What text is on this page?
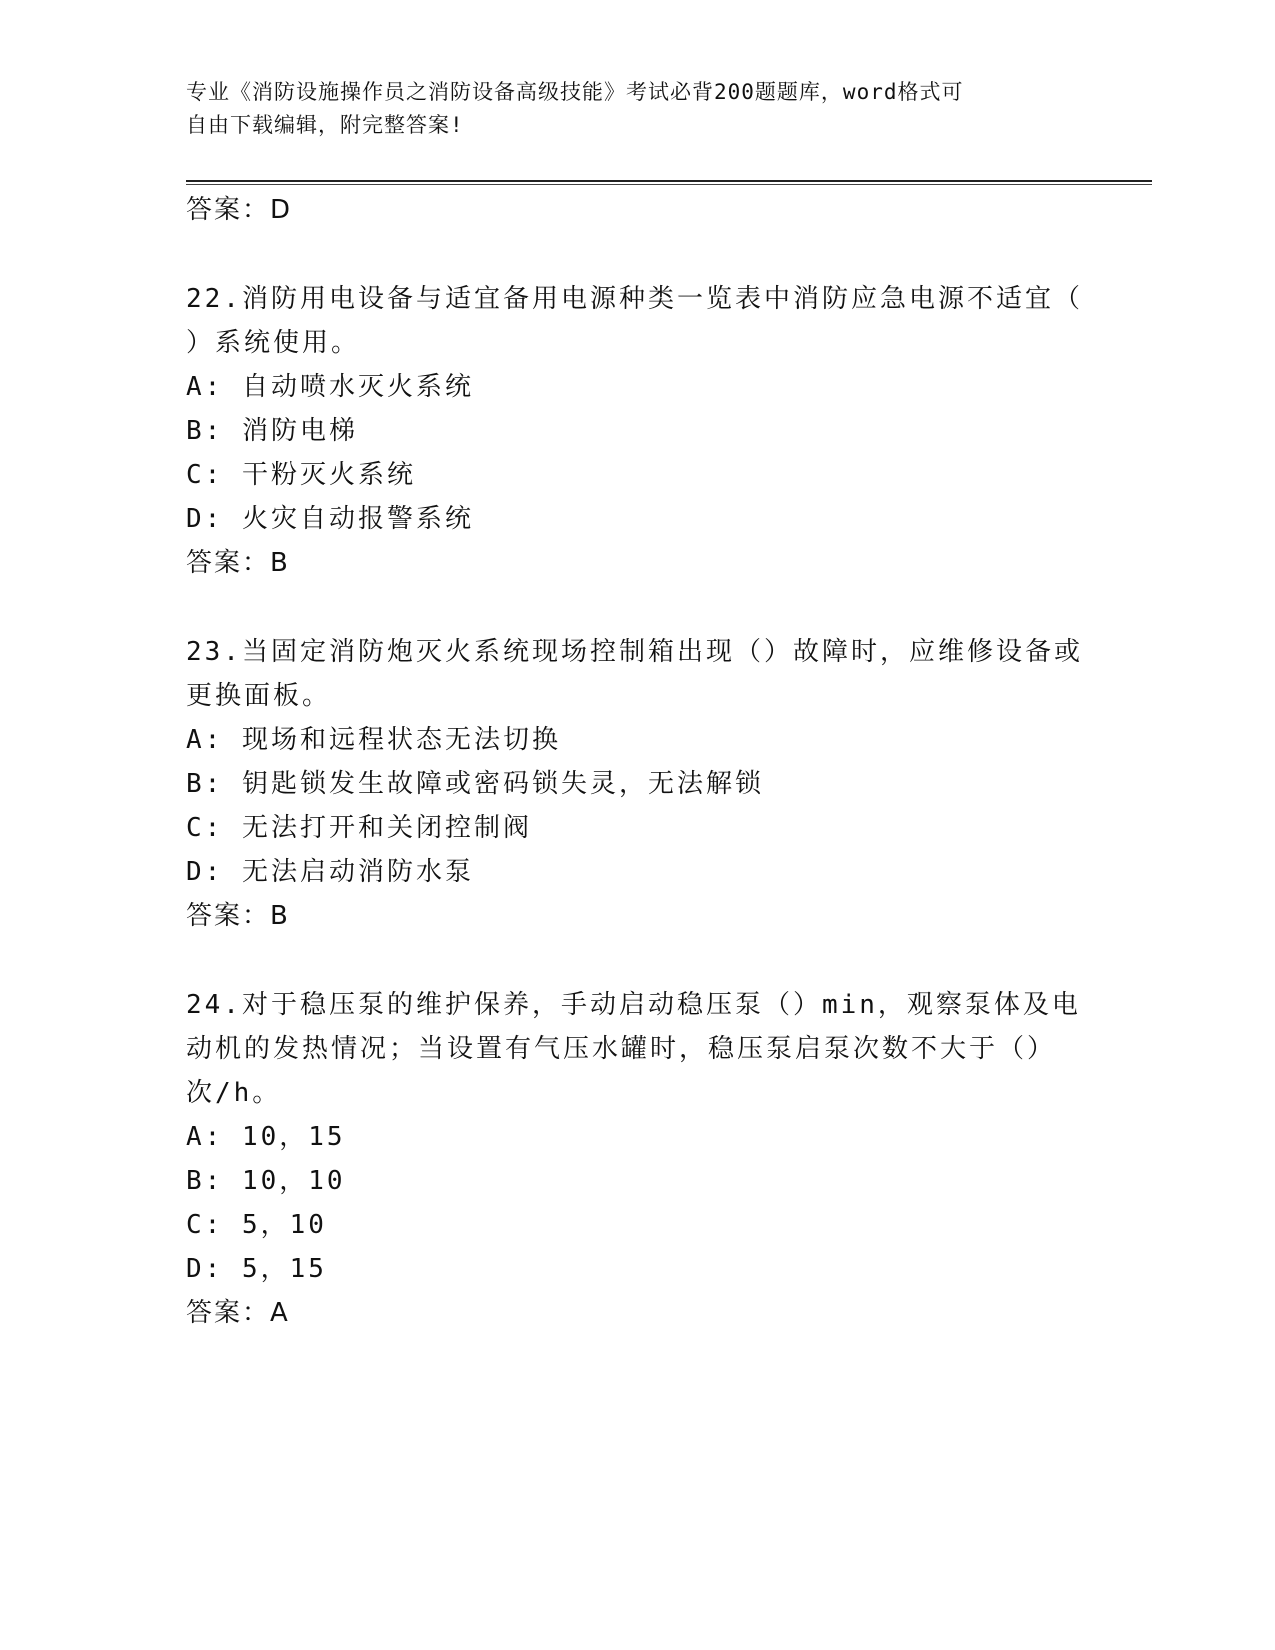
专业《消防设施操作员之消防设备高级技能》考试必背200题题库，word格式可
自由下载编辑，附完整答案!
答案：D
22.消防用电设备与适宜备用电源种类一览表中消防应急电源不适宜（
）系统使用。
A: 自动喷水灭火系统
B: 消防电梯
C: 干粉灭火系统
D: 火灾自动报警系统
答案：B
23.当固定消防炮灭火系统现场控制箱出现（）故障时，应维修设备或
更换面板。
A: 现场和远程状态无法切换
B: 钥匙锁发生故障或密码锁失灵，无法解锁
C: 无法打开和关闭控制阀
D: 无法启动消防水泵
答案：B
24.对于稳压泵的维护保养，手动启动稳压泵（）min，观察泵体及电
动机的发热情况；当设置有气压水罐时，稳压泵启泵次数不大于（）
次/h。
A: 10，15
B: 10，10
C: 5，10
D: 5，15
答案：A
